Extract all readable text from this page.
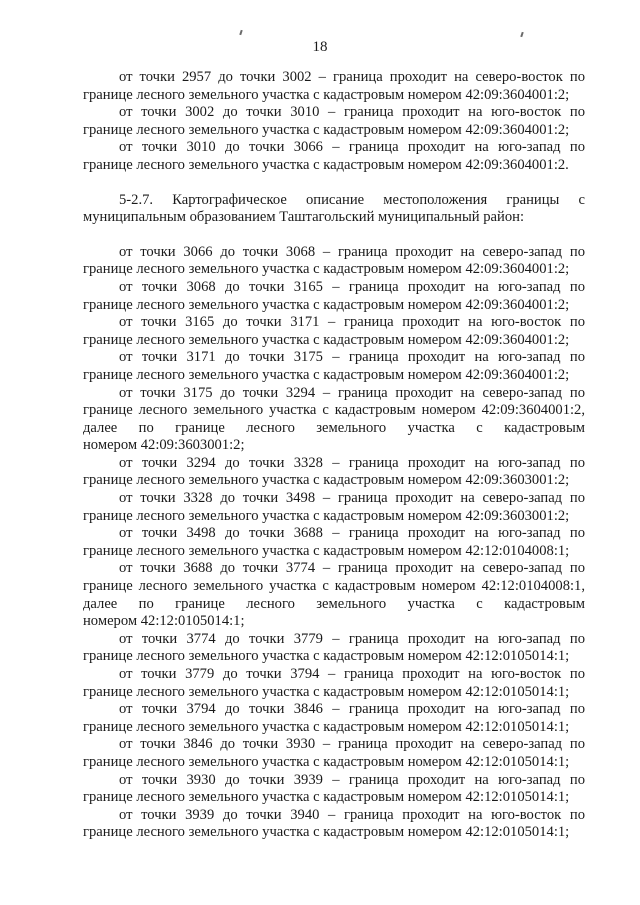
18

от точки 2957 до точки 3002 – граница проходит на северо-восток по
границе лесного земельного участка с кадастровым номером 42:09:3604001:2;

от точки 3002 до точки 3010 – граница проходит на юго-восток по
границе лесного земельного участка с кадастровым номером 42:09:3604001:2;

от точки 3010 до точки 3066 – граница проходит на юго-запад по
границе лесного земельного участка с кадастровым номером 42:09:3604001:2.

5-2.7. Картографическое описание местоположения границы с
муниципальным образованием Таштагольский муниципальный район:

от точки 3066 до точки 3068 – граница проходит на северо-запад по
границе лесного земельного участка с кадастровым номером 42:09:3604001:2;

от точки 3068 до точки 3165 – граница проходит на юго-запад по
границе лесного земельного участка с кадастровым номером 42:09:3604001:2;

от точки 3165 до точки 3171 – граница проходит на юго-восток по
границе лесного земельного участка с кадастровым номером 42:09:3604001:2;

от точки 3171 до точки 3175 – граница проходит на юго-запад по
границе лесного земельного участка с кадастровым номером 42:09:3604001:2;

от точки 3175 до точки 3294 – граница проходит на северо-запад по
границе лесного земельного участка с кадастровым номером 42:09:3604001:2,
далее по границе лесного земельного участка с кадастровым
номером 42:09:3603001:2;

от точки 3294 до точки 3328 – граница проходит на юго-запад по
границе лесного земельного участка с кадастровым номером 42:09:3603001:2;

от точки 3328 до точки 3498 – граница проходит на северо-запад по
границе лесного земельного участка с кадастровым номером 42:09:3603001:2;

от точки 3498 до точки 3688 – граница проходит на юго-запад по
границе лесного земельного участка с кадастровым номером 42:12:0104008:1;

от точки 3688 до точки 3774 – граница проходит на северо-запад по
границе лесного земельного участка с кадастровым номером 42:12:0104008:1,
далее по границе лесного земельного участка с кадастровым
номером 42:12:0105014:1;

от точки 3774 до точки 3779 – граница проходит на юго-запад по
границе лесного земельного участка с кадастровым номером 42:12:0105014:1;

от точки 3779 до точки 3794 – граница проходит на юго-восток по
границе лесного земельного участка с кадастровым номером 42:12:0105014:1;

от точки 3794 до точки 3846 – граница проходит на юго-запад по
границе лесного земельного участка с кадастровым номером 42:12:0105014:1;

от точки 3846 до точки 3930 – граница проходит на северо-запад по
границе лесного земельного участка с кадастровым номером 42:12:0105014:1;

от точки 3930 до точки 3939 – граница проходит на юго-запад по
границе лесного земельного участка с кадастровым номером 42:12:0105014:1;

от точки 3939 до точки 3940 – граница проходит на юго-восток по
границе лесного земельного участка с кадастровым номером 42:12:0105014:1;
